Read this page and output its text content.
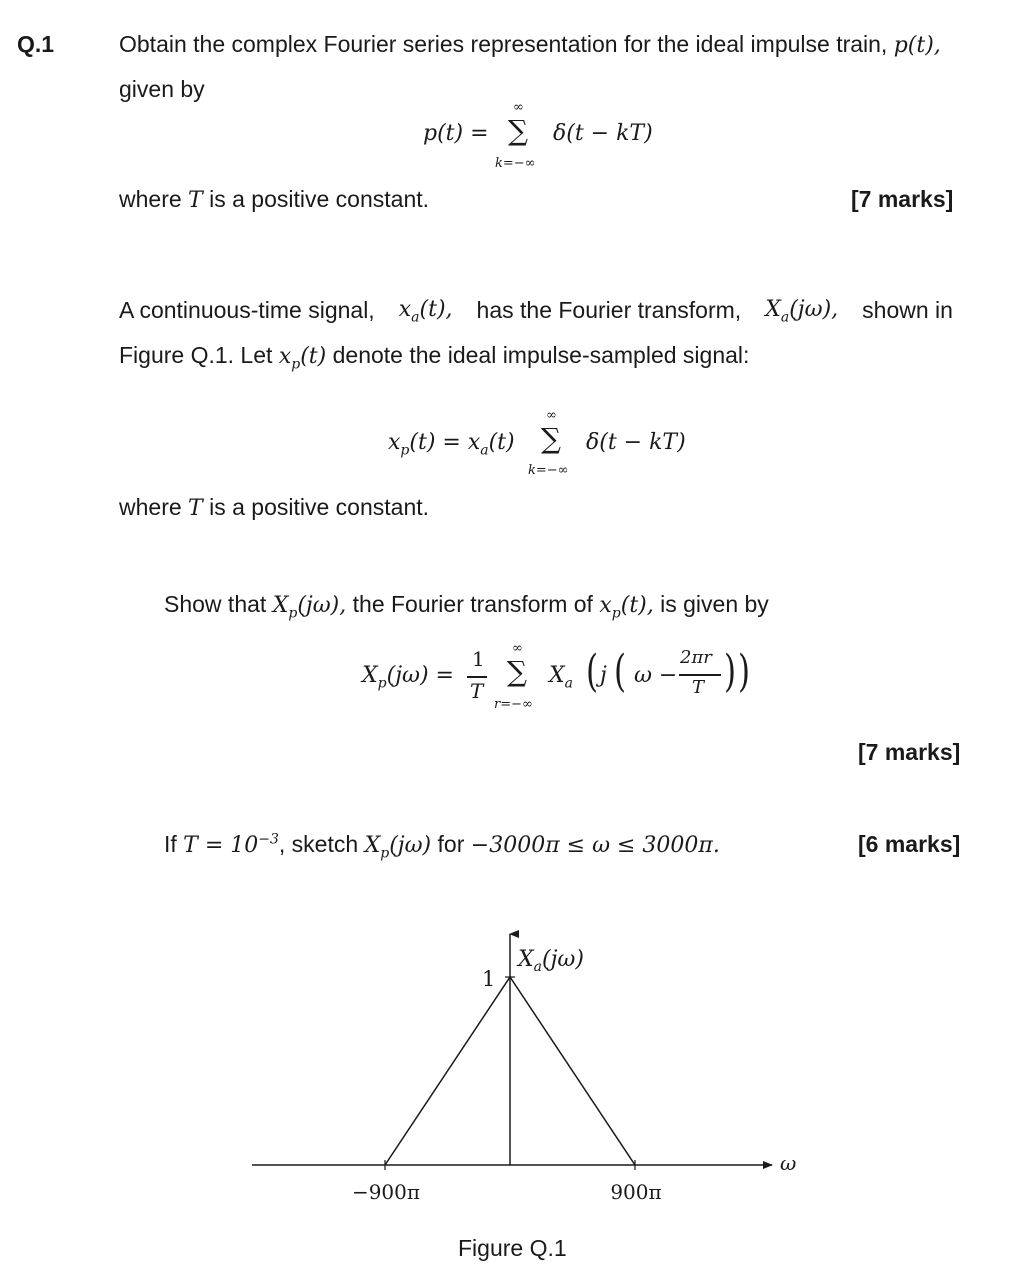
Q.1	Obtain the complex Fourier series representation for the ideal impulse train, p(t),
given by
p(t) =
∞
∑
k=−∞
δ(t − kT)
where T is a positive constant.	[7 marks]
A continuous-time signal, $x_a(t)$, has the Fourier transform, $X_a(j\omega)$, shown in
Figure Q.1. Let $x_p(t)$ denote the ideal impulse-sampled signal:
$x_p(t) = x_a(t)$
∞
∑
k=−∞
δ(t − kT)
where T is a positive constant.
Show that $X_p(j\omega)$, the Fourier transform of $x_p(t)$, is given by
$X_p(j\omega)$ =
1
T
∞
∑
r=−∞
$X_a$ ( j ( ω −
2πr
T ) )
[7 marks]
If $T = 10^{-3}$, sketch $X_p(j\omega)$ for −3000π ≤ ω ≤ 3000π.	[6 marks]
ω
$X_a(j\omega)$
1
−900π	900π
Figure Q.1
